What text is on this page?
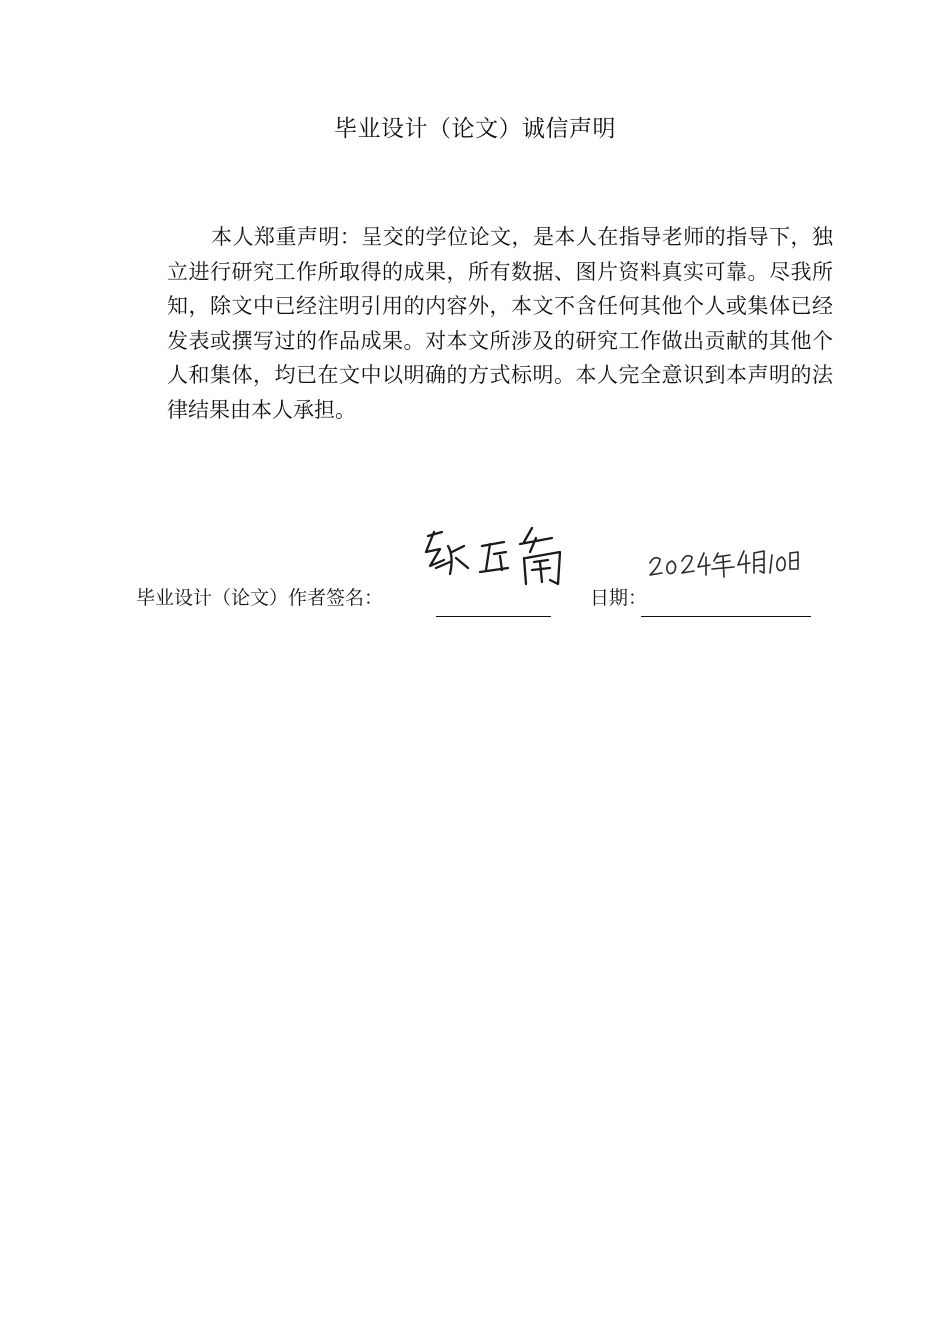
毕业设计（论文）诚信声明

本人郑重声明：呈交的学位论文，是本人在指导老师的指导下，独立进行研究工作所取得的成果，所有数据、图片资料真实可靠。尽我所知，除文中已经注明引用的内容外，本文不含任何其他个人或集体已经发表或撰写过的作品成果。对本文所涉及的研究工作做出贡献的其他个人和集体，均已在文中以明确的方式标明。本人完全意识到本声明的法律结果由本人承担。

毕业设计（论文）作者签名：	日期：
